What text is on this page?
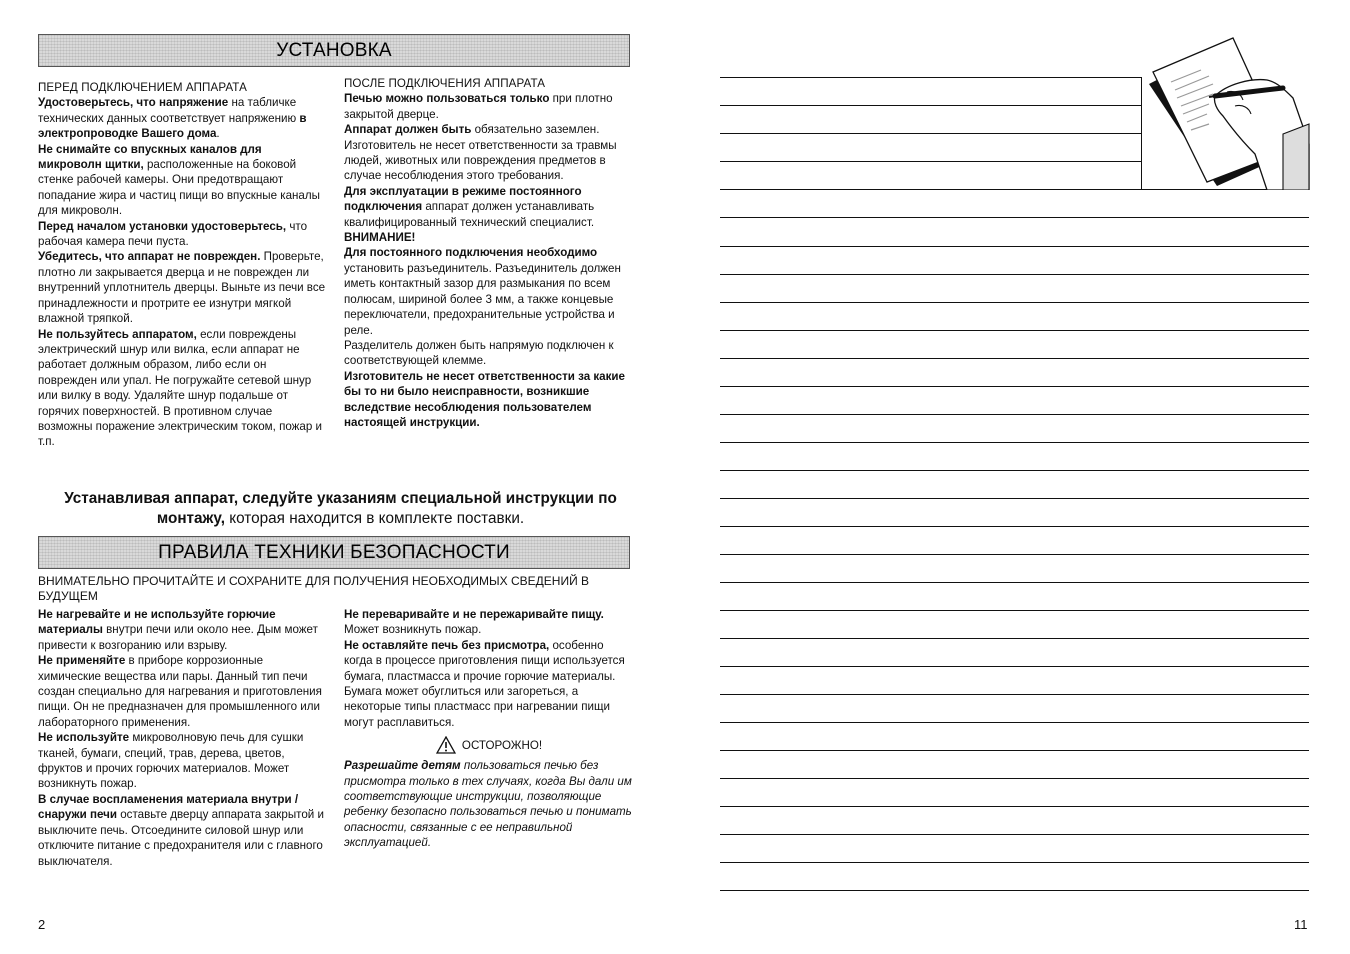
УСТАНОВКА

ПЕРЕД ПОДКЛЮЧЕНИЕМ АППАРАТА

Удостоверьтесь, что напряжение на табличке технических данных соответствует напряжению в электропроводке Вашего дома.

Не снимайте со впускных каналов для микроволн щитки, расположенные на боковой стенке рабочей камеры. Они предотвращают попадание жира и частиц пищи во впускные каналы для микроволн.

Перед началом установки удостоверьтесь, что рабочая камера печи пуста.

Убедитесь, что аппарат не поврежден. Проверьте, плотно ли закрывается дверца и не поврежден ли внутренний уплотнитель дверцы. Выньте из печи все принадлежности и протрите ее изнутри мягкой влажной тряпкой.

Не пользуйтесь аппаратом, если повреждены электрический шнур или вилка, если аппарат не работает должным образом, либо если он поврежден или упал. Не погружайте сетевой шнур или вилку в воду. Удаляйте шнур подальше от горячих поверхностей. В противном случае возможны поражение электрическим током, пожар и т.п.

ПОСЛЕ ПОДКЛЮЧЕНИЯ АППАРАТА

Печью можно пользоваться только при плотно закрытой дверце.

Аппарат должен быть обязательно заземлен. Изготовитель не несет ответственности за травмы людей, животных или повреждения предметов в случае несоблюдения этого требования.

Для эксплуатации в режиме постоянного подключения аппарат должен устанавливать квалифицированный технический специалист.

ВНИМАНИЕ!

Для постоянного подключения необходимо установить разъединитель. Разъединитель должен иметь контактный зазор для размыкания по всем полюсам, шириной более 3 мм, а также концевые переключатели, предохранительные устройства и реле.

Разделитель должен быть напрямую подключен к соответствующей клемме.

Изготовитель не несет ответственности за какие бы то ни было неисправности, возникшие вследствие несоблюдения пользователем настоящей инструкции.

Устанавливая аппарат, следуйте указаниям специальной инструкции по монтажу, которая находится в комплекте поставки.
ПРАВИЛА ТЕХНИКИ БЕЗОПАСНОСТИ
ВНИМАТЕЛЬНО ПРОЧИТАЙТЕ И СОХРАНИТЕ ДЛЯ ПОЛУЧЕНИЯ НЕОБХОДИМЫХ СВЕДЕНИЙ В БУДУЩЕМ

Не нагревайте и не используйте горючие материалы внутри печи или около нее. Дым может привести к возгоранию или взрыву.

Не применяйте в приборе коррозионные химические вещества или пары. Данный тип печи создан специально для нагревания и приготовления пищи. Он не предназначен для промышленного или лабораторного применения.

Не используйте микроволновую печь для сушки тканей, бумаги, специй, трав, дерева, цветов, фруктов и прочих горючих материалов. Может возникнуть пожар.

В случае воспламенения материала внутри / снаружи печи оставьте дверцу аппарата закрытой и выключите печь. Отсоедините силовой шнур или отключите питание с предохранителя или с главного выключателя.

Не переваривайте и не пережаривайте пищу. Может возникнуть пожар.

Не оставляйте печь без присмотра, особенно когда в процессе приготовления пищи используется бумага, пластмасса и прочие горючие материалы. Бумага может обуглиться или загореться, а некоторые типы пластмасс при нагревании пищи могут расплавиться.

ОСТОРОЖНО!

Разрешайте детям пользоваться печью без присмотра только в тех случаях, когда Вы дали им соответствующие инструкции, позволяющие ребенку безопасно пользоваться печью и понимать опасности, связанные с ее неправильной эксплуатацией.

2	11
